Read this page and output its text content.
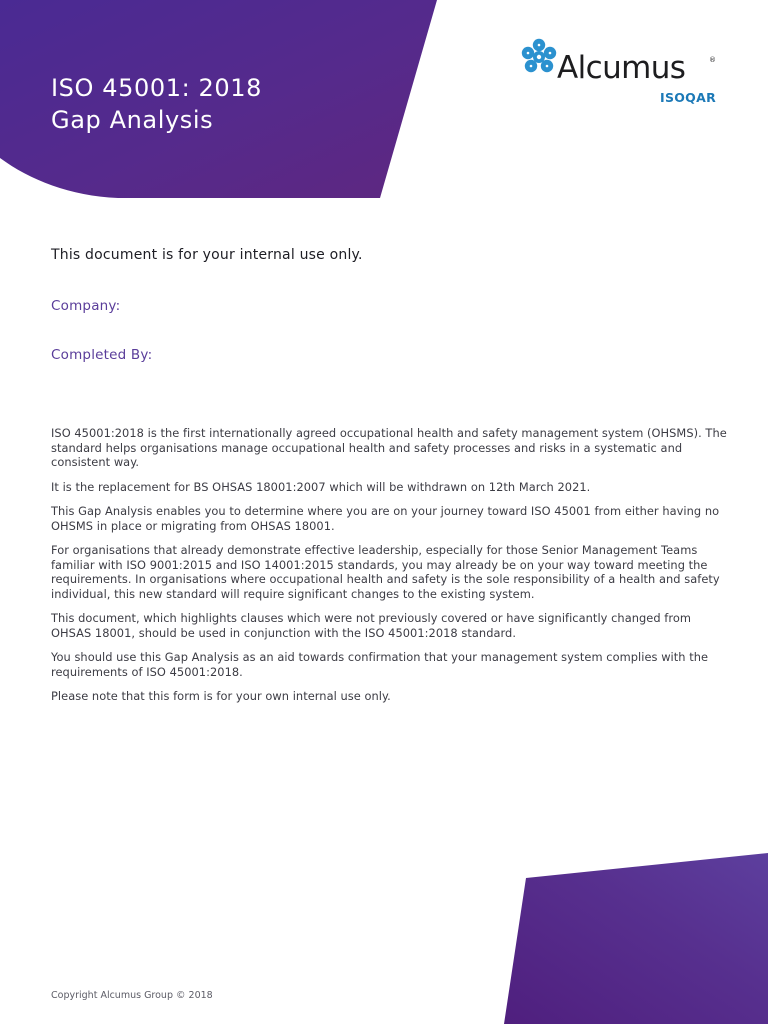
ISO 45001: 2018
Gap Analysis
Alcumus	®
ISOQAR
This document is for your internal use only.
Company:
Completed By:

ISO 45001:2018 is the first internationally agreed occupational health and safety management system (OHSMS). The standard helps organisations manage occupational health and safety processes and risks in a systematic and consistent way.

It is the replacement for BS OHSAS 18001:2007 which will be withdrawn on 12th March 2021.

This Gap Analysis enables you to determine where you are on your journey toward ISO 45001 from either having no OHSMS in place or migrating from OHSAS 18001.

For organisations that already demonstrate effective leadership, especially for those Senior Management Teams familiar with ISO 9001:2015 and ISO 14001:2015 standards, you may already be on your way toward meeting the requirements. In organisations where occupational health and safety is the sole responsibility of a health and safety individual, this new standard will require significant changes to the existing system.

This document, which highlights clauses which were not previously covered or have significantly changed from OHSAS 18001, should be used in conjunction with the ISO 45001:2018 standard.

You should use this Gap Analysis as an aid towards confirmation that your management system complies with the requirements of ISO 45001:2018.

Please note that this form is for your own internal use only.

Copyright Alcumus Group © 2018
